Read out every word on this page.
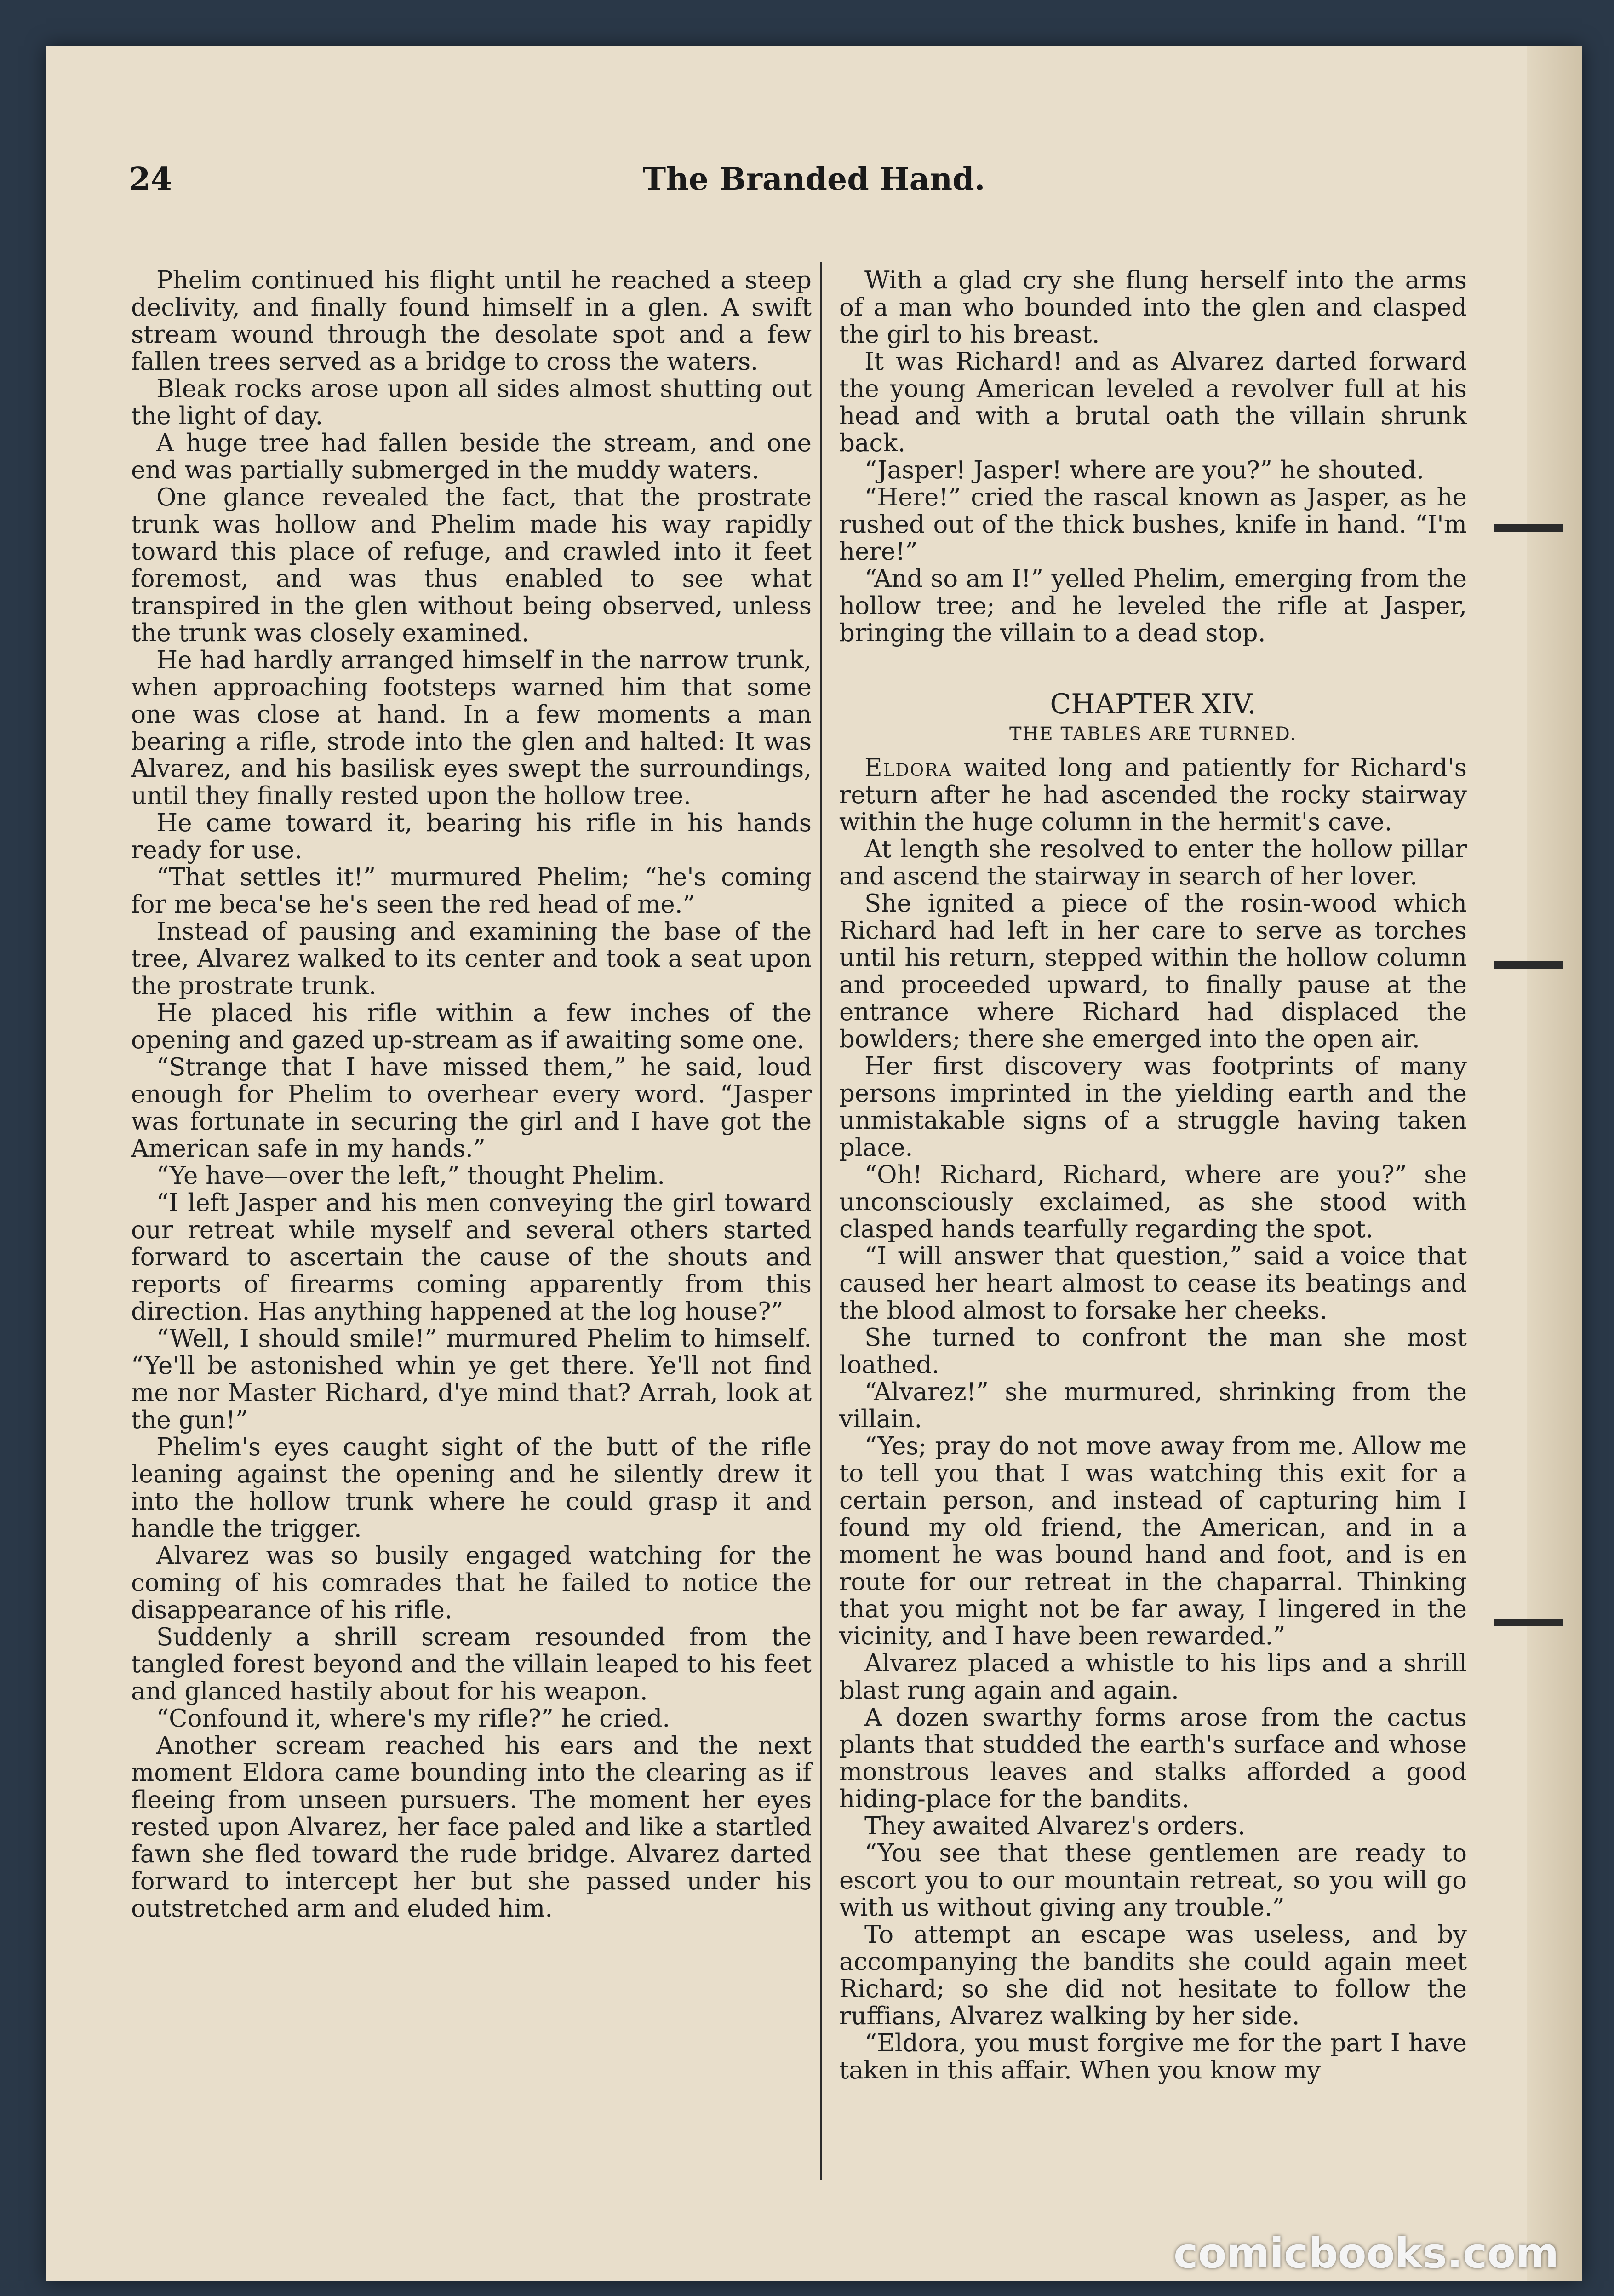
24	The Branded Hand.

Phelim continued his flight until he reached a steep declivity, and finally found himself in a glen. A swift stream wound through the desolate spot and a few fallen trees served as a bridge to cross the waters.

Bleak rocks arose upon all sides almost shutting out the light of day.

A huge tree had fallen beside the stream, and one end was partially submerged in the muddy waters.

One glance revealed the fact, that the prostrate trunk was hollow and Phelim made his way rapidly toward this place of refuge, and crawled into it feet foremost, and was thus enabled to see what transpired in the glen without being observed, unless the trunk was closely examined.

He had hardly arranged himself in the narrow trunk, when approaching footsteps warned him that some one was close at hand. In a few moments a man bearing a rifle, strode into the glen and halted: It was Alvarez, and his basilisk eyes swept the surroundings, until they finally rested upon the hollow tree.

He came toward it, bearing his rifle in his hands ready for use.

“That settles it!” murmured Phelim; “he's coming for me beca'se he's seen the red head of me.”

Instead of pausing and examining the base of the tree, Alvarez walked to its center and took a seat upon the prostrate trunk.

He placed his rifle within a few inches of the opening and gazed up-stream as if awaiting some one.

“Strange that I have missed them,” he said, loud enough for Phelim to overhear every word. “Jasper was fortunate in securing the girl and I have got the American safe in my hands.”

“Ye have—over the left,” thought Phelim.

“I left Jasper and his men conveying the girl toward our retreat while myself and several others started forward to ascertain the cause of the shouts and reports of firearms coming apparently from this direction. Has anything happened at the log house?”

“Well, I should smile!” murmured Phelim to himself. “Ye'll be astonished whin ye get there. Ye'll not find me nor Master Richard, d'ye mind that? Arrah, look at the gun!”

Phelim's eyes caught sight of the butt of the rifle leaning against the opening and he silently drew it into the hollow trunk where he could grasp it and handle the trigger.

Alvarez was so busily engaged watching for the coming of his comrades that he failed to notice the disappearance of his rifle.

Suddenly a shrill scream resounded from the tangled forest beyond and the villain leaped to his feet and glanced hastily about for his weapon.

“Confound it, where's my rifle?” he cried.

Another scream reached his ears and the next moment Eldora came bounding into the clearing as if fleeing from unseen pursuers. The moment her eyes rested upon Alvarez, her face paled and like a startled fawn she fled toward the rude bridge. Alvarez darted forward to intercept her but she passed under his outstretched arm and eluded him.

With a glad cry she flung herself into the arms of a man who bounded into the glen and clasped the girl to his breast.

It was Richard! and as Alvarez darted forward the young American leveled a revolver full at his head and with a brutal oath the villain shrunk back.

“Jasper! Jasper! where are you?” he shouted.

“Here!” cried the rascal known as Jasper, as he rushed out of the thick bushes, knife in hand. “I'm here!”

“And so am I!” yelled Phelim, emerging from the hollow tree; and he leveled the rifle at Jasper, bringing the villain to a dead stop.

CHAPTER XIV.
THE TABLES ARE TURNED.

Eldora waited long and patiently for Richard's return after he had ascended the rocky stairway within the huge column in the hermit's cave.

At length she resolved to enter the hollow pillar and ascend the stairway in search of her lover.

She ignited a piece of the rosin-wood which Richard had left in her care to serve as torches until his return, stepped within the hollow column and proceeded upward, to finally pause at the entrance where Richard had displaced the bowlders; there she emerged into the open air.

Her first discovery was footprints of many persons imprinted in the yielding earth and the unmistakable signs of a struggle having taken place.

“Oh! Richard, Richard, where are you?” she unconsciously exclaimed, as she stood with clasped hands tearfully regarding the spot.

“I will answer that question,” said a voice that caused her heart almost to cease its beatings and the blood almost to forsake her cheeks.

She turned to confront the man she most loathed.

“Alvarez!” she murmured, shrinking from the villain.

“Yes; pray do not move away from me. Allow me to tell you that I was watching this exit for a certain person, and instead of capturing him I found my old friend, the American, and in a moment he was bound hand and foot, and is en route for our retreat in the chaparral. Thinking that you might not be far away, I lingered in the vicinity, and I have been rewarded.”

Alvarez placed a whistle to his lips and a shrill blast rung again and again.

A dozen swarthy forms arose from the cactus plants that studded the earth's surface and whose monstrous leaves and stalks afforded a good hiding-place for the bandits.

They awaited Alvarez's orders.

“You see that these gentlemen are ready to escort you to our mountain retreat, so you will go with us without giving any trouble.”

To attempt an escape was useless, and by accompanying the bandits she could again meet Richard; so she did not hesitate to follow the ruffians, Alvarez walking by her side.

“Eldora, you must forgive me for the part I have taken in this affair. When you know my

comicbooks.com
